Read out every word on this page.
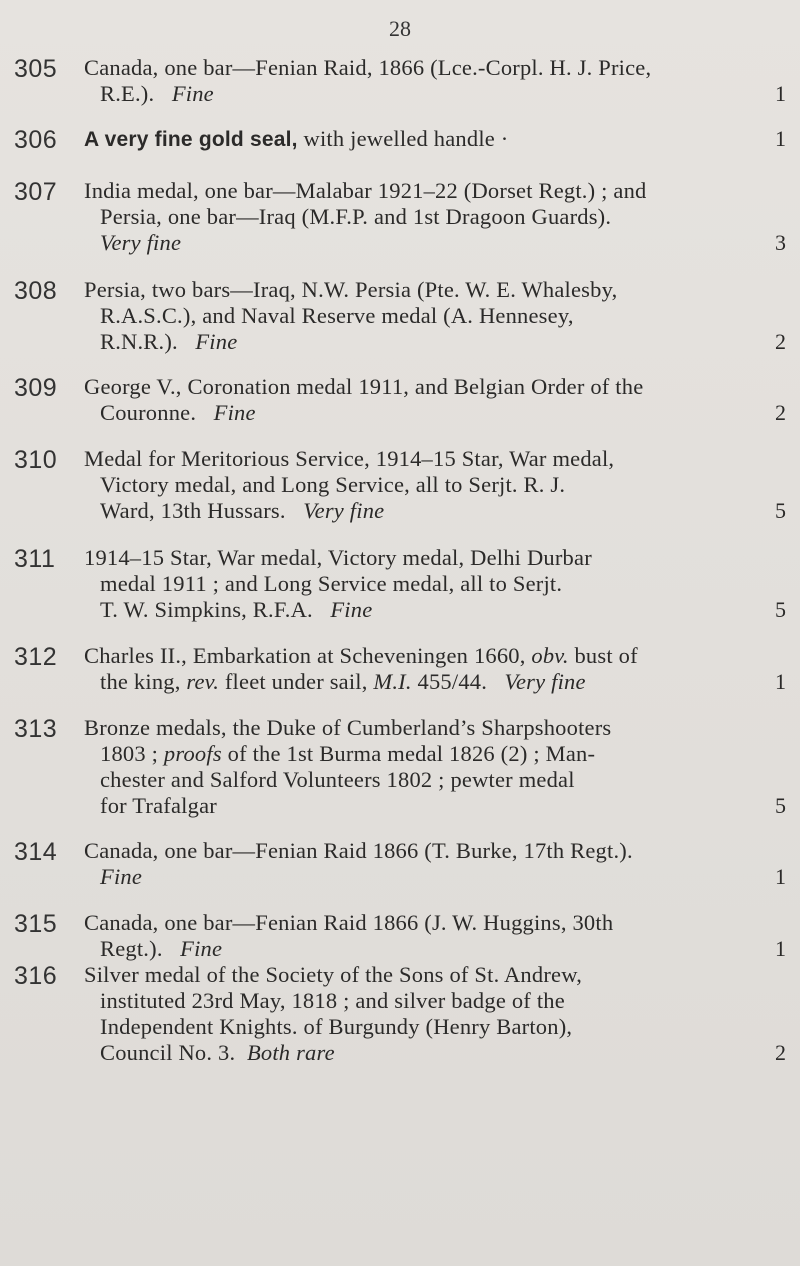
28
305 Canada, one bar—Fenian Raid, 1866 (Lce.-Corpl. H. J. Price,
R.E.). Fine	1
306 A very fine gold seal, with jewelled handle ·	1
307 India medal, one bar—Malabar 1921–22 (Dorset Regt.) ; and
Persia, one bar—Iraq (M.F.P. and 1st Dragoon Guards).
Very fine	3
308 Persia, two bars—Iraq, N.W. Persia (Pte. W. E. Whalesby,
R.A.S.C.), and Naval Reserve medal (A. Hennesey,
R.N.R.). Fine	2
309 George V., Coronation medal 1911, and Belgian Order of the
Couronne. Fine	2
310 Medal for Meritorious Service, 1914–15 Star, War medal,
Victory medal, and Long Service, all to Serjt. R. J.
Ward, 13th Hussars. Very fine	5
311 1914–15 Star, War medal, Victory medal, Delhi Durbar
medal 1911 ; and Long Service medal, all to Serjt.
T. W. Simpkins, R.F.A. Fine	5
312 Charles II., Embarkation at Scheveningen 1660, obv. bust of
the king, rev. fleet under sail, M.I. 455/44. Very fine	1
313 Bronze medals, the Duke of Cumberland’s Sharpshooters
1803 ; proofs of the 1st Burma medal 1826 (2) ; Man-
chester and Salford Volunteers 1802 ; pewter medal
for Trafalgar	5
314 Canada, one bar—Fenian Raid 1866 (T. Burke, 17th Regt.).
Fine	1
315 Canada, one bar—Fenian Raid 1866 (J. W. Huggins, 30th
Regt.). Fine	1
316 Silver medal of the Society of the Sons of St. Andrew,
instituted 23rd May, 1818 ; and silver badge of the
Independent Knights. of Burgundy (Henry Barton),
Council No. 3. Both rare	2
